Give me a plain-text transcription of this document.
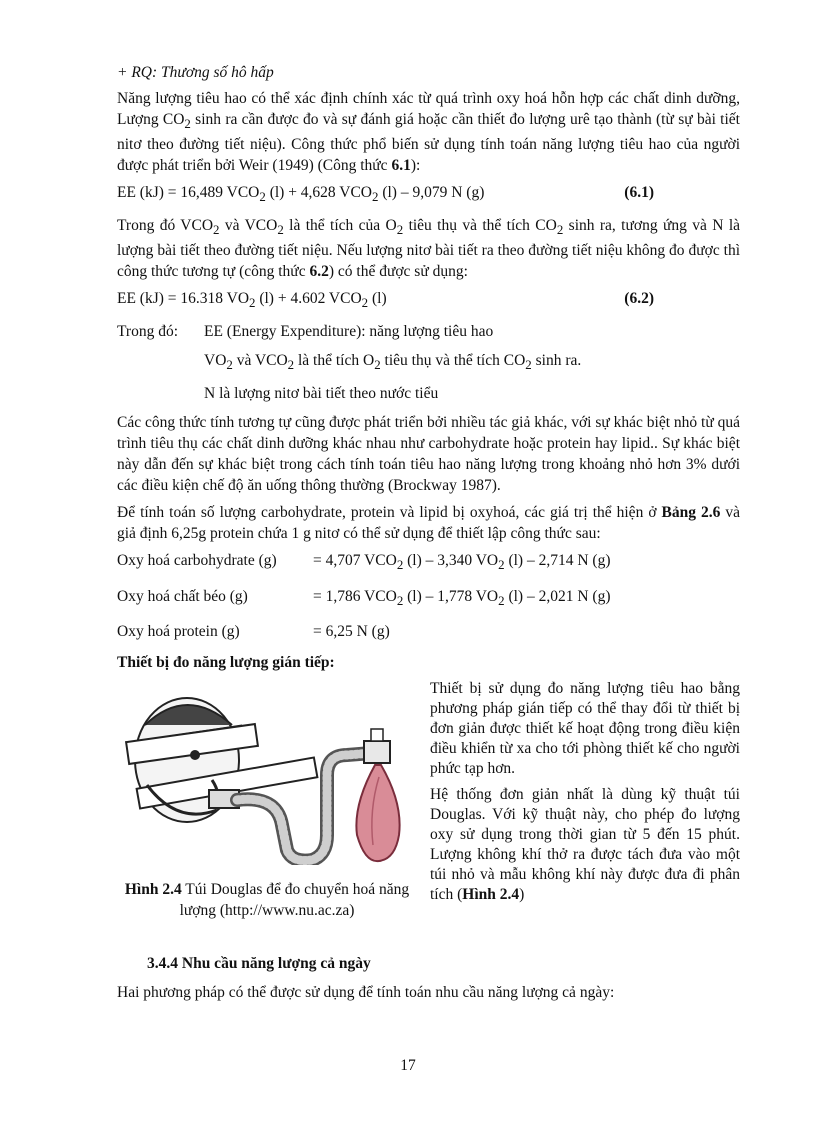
+ RQ: Thương số hô hấp

Năng lượng tiêu hao có thể xác định chính xác từ quá trình oxy hoá hỗn hợp các chất dinh dưỡng, Lượng $CO_2$ sinh ra cần được đo và sự đánh giá hoặc cần thiết đo lượng urê tạo thành (từ sự bài tiết nitơ theo đường tiết niệu). Công thức phổ biến sử dụng tính toán năng lượng tiêu hao của người được phát triển bởi Weir (1949) (Công thức 6.1):

EE (kJ) = 16,489 $VCO_2$ (l) + 4,628 $VCO_2$ (l) – 9,079 N (g)	(6.1)

Trong đó $VCO_2$ và $VCO_2$ là thể tích của $O_2$ tiêu thụ và thể tích $CO_2$ sinh ra, tương ứng và N là lượng bài tiết theo đường tiết niệu. Nếu lượng nitơ bài tiết ra theo đường tiết niệu không đo được thì công thức tương tự (công thức 6.2) có thể được sử dụng:

EE (kJ) = 16.318 $VO_2$ (l) + 4.602 $VCO_2$ (l)	(6.2)
Trong đó:	EE (Energy Expenditure): năng lượng tiêu hao
$VO_2$ và $VCO_2$ là thể tích $O_2$ tiêu thụ và thể tích $CO_2$ sinh ra.
N là lượng nitơ bài tiết theo nước tiểu

Các công thức tính tương tự cũng được phát triển bởi nhiều tác giả khác, với sự khác biệt nhỏ từ quá trình tiêu thụ các chất dinh dưỡng khác nhau như carbohydrate hoặc protein hay lipid.. Sự khác biệt này dẫn đến sự khác biệt trong cách tính toán tiêu hao năng lượng trong khoảng nhỏ hơn 3% dưới các điều kiện chế độ ăn uống thông thường (Brockway 1987).

Để tính toán số lượng carbohydrate, protein và lipid bị oxyhoá, các giá trị thể hiện ở Bảng 2.6 và giả định 6,25g protein chứa 1 g nitơ có thể sử dụng để thiết lập công thức sau:

Oxy hoá carbohydrate (g)	= 4,707 $VCO_2$ (l) – 3,340 $VO_2$ (l) – 2,714 N (g)
Oxy hoá chất béo (g)	= 1,786 $VCO_2$ (l) – 1,778 $VO_2$ (l) – 2,021 N (g)
Oxy hoá protein (g)	= 6,25 N (g)
Thiết bị đo năng lượng gián tiếp:
Hình 2.4 Túi Douglas để đo chuyển hoá năng lượng (http://www.nu.ac.za)

Thiết bị sử dụng đo năng lượng tiêu hao bằng phương pháp gián tiếp có thể thay đổi từ thiết bị đơn giản được thiết kế hoạt động trong điều kiện điều khiển từ xa cho tới phòng thiết kế cho người phức tạp hơn.

Hệ thống đơn giản nhất là dùng kỹ thuật túi Douglas. Với kỹ thuật này, cho phép đo lượng oxy sử dụng trong thời gian từ 5 đến 15 phút. Lượng không khí thở ra được tách đưa vào một túi nhỏ và mẫu không khí này được đưa đi phân tích (Hình 2.4)

3.4.4 Nhu cầu năng lượng cả ngày

Hai phương pháp có thể được sử dụng để tính toán nhu cầu năng lượng cả ngày:

17
